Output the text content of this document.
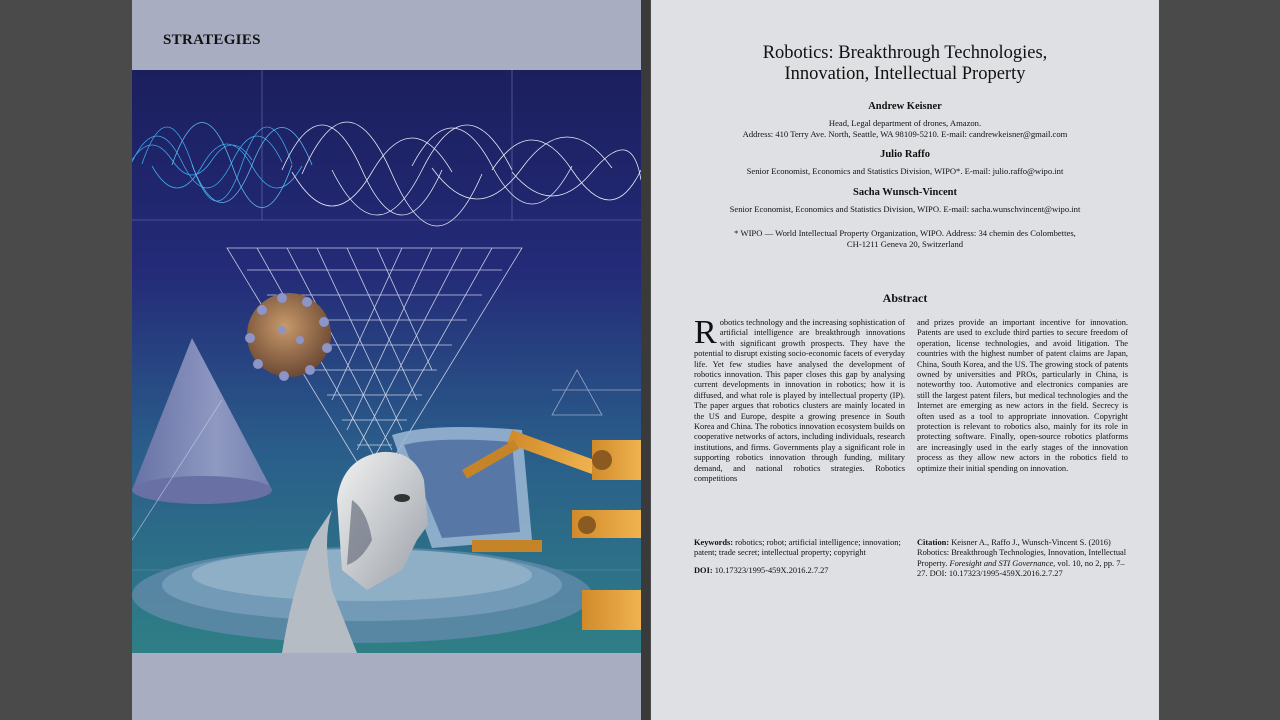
STRATEGIES
Robotics: Breakthrough Technologies,
Innovation, Intellectual Property
Andrew Keisner
Head, Legal department of drones, Amazon.
Address: 410 Terry Ave. North, Seattle, WA 98109-5210. E-mail: candrewkeisner@gmail.com
Julio Raffo
Senior Economist, Economics and Statistics Division, WIPO*. E-mail: julio.raffo@wipo.int
Sacha Wunsch-Vincent
Senior Economist, Economics and Statistics Division, WIPO. E-mail: sacha.wunschvincent@wipo.int
* WIPO — World Intellectual Property Organization, WIPO. Address: 34 chemin des Colombettes,
CH-1211 Geneva 20, Switzerland
Abstract
Robotics technology and the increasing sophistication of artificial intelligence are breakthrough innovations with significant growth prospects. They have the potential to disrupt existing socio-economic facets of everyday life. Yet few studies have analysed the development of robotics innovation. This paper closes this gap by analysing current developments in innovation in robotics; how it is diffused, and what role is played by intellectual property (IP). The paper argues that robotics clusters are mainly located in the US and Europe, despite a growing presence in South Korea and China. The robotics innovation ecosystem builds on cooperative networks of actors, including individuals, research institutions, and firms. Governments play a significant role in supporting robotics innovation through funding, military demand, and national robotics strategies. Robotics competitions
and prizes provide an important incentive for innovation. Patents are used to exclude third parties to secure freedom of operation, license technologies, and avoid litigation. The countries with the highest number of patent claims are Japan, China, South Korea, and the US. The growing stock of patents owned by universities and PROs, particularly in China, is noteworthy too. Automotive and electronics companies are still the largest patent filers, but medical technologies and the Internet are emerging as new actors in the field. Secrecy is often used as a tool to appropriate innovation. Copyright protection is relevant to robotics also, mainly for its role in protecting software. Finally, open-source robotics platforms are increasingly used in the early stages of the innovation process as they allow new actors in the robotics field to optimize their initial spending on innovation.
Keywords: robotics; robot; artificial intelligence; innovation; patent; trade secret; intellectual property; copyright
DOI: 10.17323/1995-459X.2016.2.7.27
Citation: Keisner A., Raffo J., Wunsch-Vincent S. (2016) Robotics: Breakthrough Technologies, Innovation, Intellectual Property. Foresight and STI Governance, vol. 10, no 2, pp. 7–27. DOI: 10.17323/1995-459X.2016.2.7.27
